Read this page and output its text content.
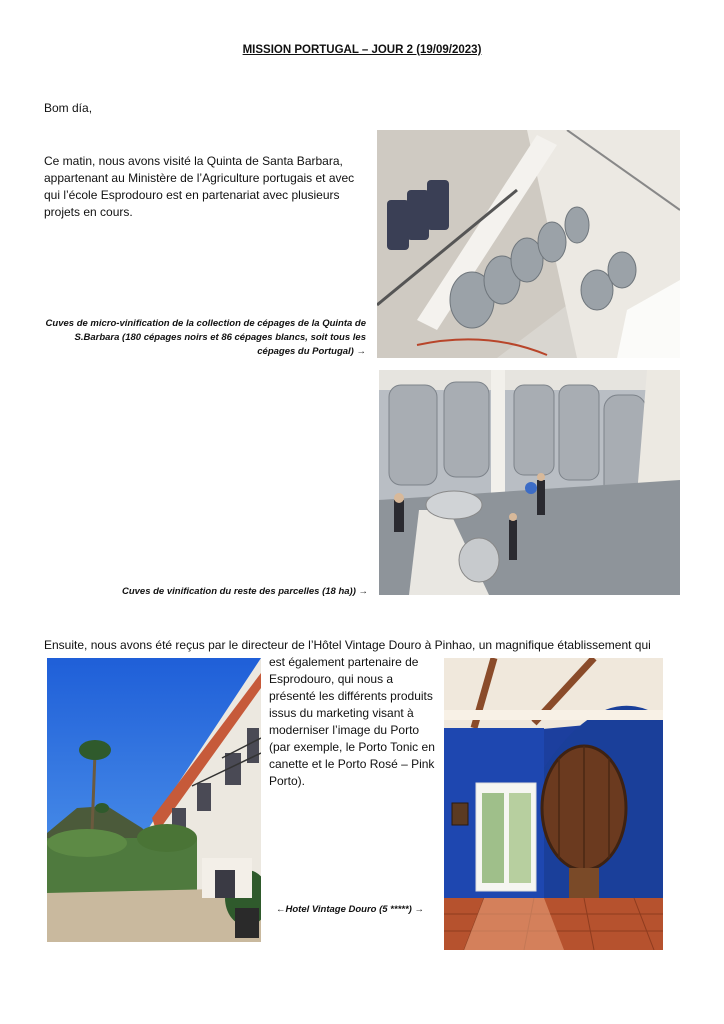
MISSION PORTUGAL – JOUR 2 (19/09/2023)
Bom día,
Ce matin, nous avons visité la Quinta de Santa Barbara, appartenant au Ministère de l’Agriculture portugais et avec qui l’école Esprodouro est en partenariat avec plusieurs projets en cours.
Cuves de micro-vinification de la collection de cépages de la Quinta de S.Barbara (180 cépages noirs et 86 cépages blancs, soit tous les cépages du Portugal) →
Cuves de vinification du reste des parcelles (18 ha)) →
Ensuite, nous avons été reçus par le directeur de l’Hôtel Vintage Douro à Pinhao, un magnifique établissement qui
est également partenaire de Esprodouro, qui nous a présenté les différents produits issus du marketing visant à moderniser l’image du Porto (par exemple, le Porto Tonic en canette et le Porto Rosé – Pink Porto).
←Hotel Vintage Douro (5 *****) →
